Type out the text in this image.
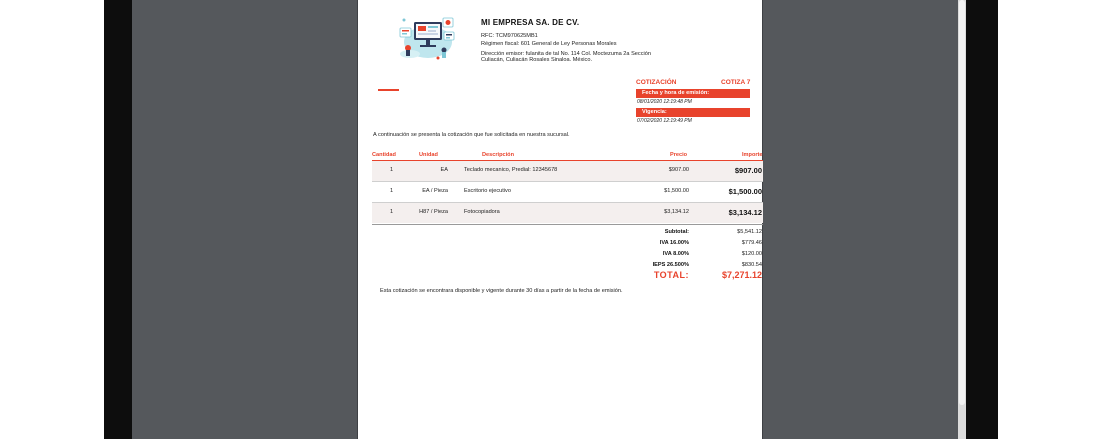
MI EMPRESA SA. DE CV.
RFC: TCM970625MB1
Régimen fiscal: 601 General de Ley Personas Morales
Dirección emisor: fulanita de tal No. 114 Col. Moctezuma 2a Sección
Culiacán, Culiacán Rosales Sinaloa. México.
COTIZACIÓN	COTIZA 7
Fecha y hora de emisión:
08/01/2020 12:19:48 PM
Vigencia:
07/02/2020 12:19:49 PM
A continuación se presenta la cotización que fue solicitada en nuestra sucursal.
Cantidad	Unidad	Descripción	Precio	Importe
1	EA	Teclado mecanico, Predial: 12345678	$907.00	$907.00
1	EA / Pieza	Escritorio ejecutivo	$1,500.00	$1,500.00
1	H87 / Pieza	Fotocopiadora	$3,134.12	$3,134.12
Subtotal:	$5,541.12
IVA 16.00%	$779.46
IVA 8.00%	$120.00
IEPS 26.500%	$830.54
TOTAL:	$7,271.12
Esta cotización se encontrara disponible y vigente durante 30 días a partir de la fecha de emisión.
